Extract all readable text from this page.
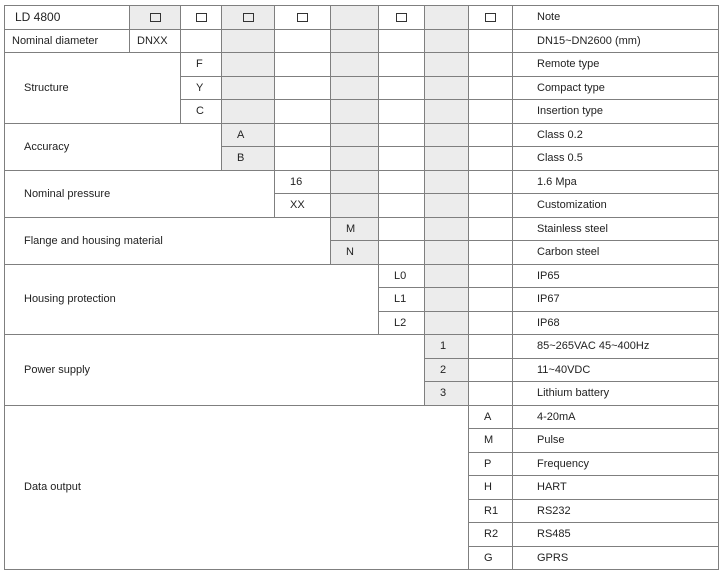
LD 4800									Note
Nominal diameter	DNXX								DN15~DN2600 (mm)
Structure		F							Remote type
		Y							Compact type
		C							Insertion type
Accuracy			A						Class 0.2
			B						Class 0.5
Nominal pressure				16					1.6 Mpa
				XX					Customization
Flange and housing material					M				Stainless steel
					N				Carbon steel
Housing protection						L0			IP65
						L1			IP67
						L2			IP68
Power supply							1		85~265VAC 45~400Hz
							2		11~40VDC
							3		Lithium battery
Data output								A	4-20mA
								M	Pulse
								P	Frequency
								H	HART
								R1	RS232
								R2	RS485
								G	GPRS
